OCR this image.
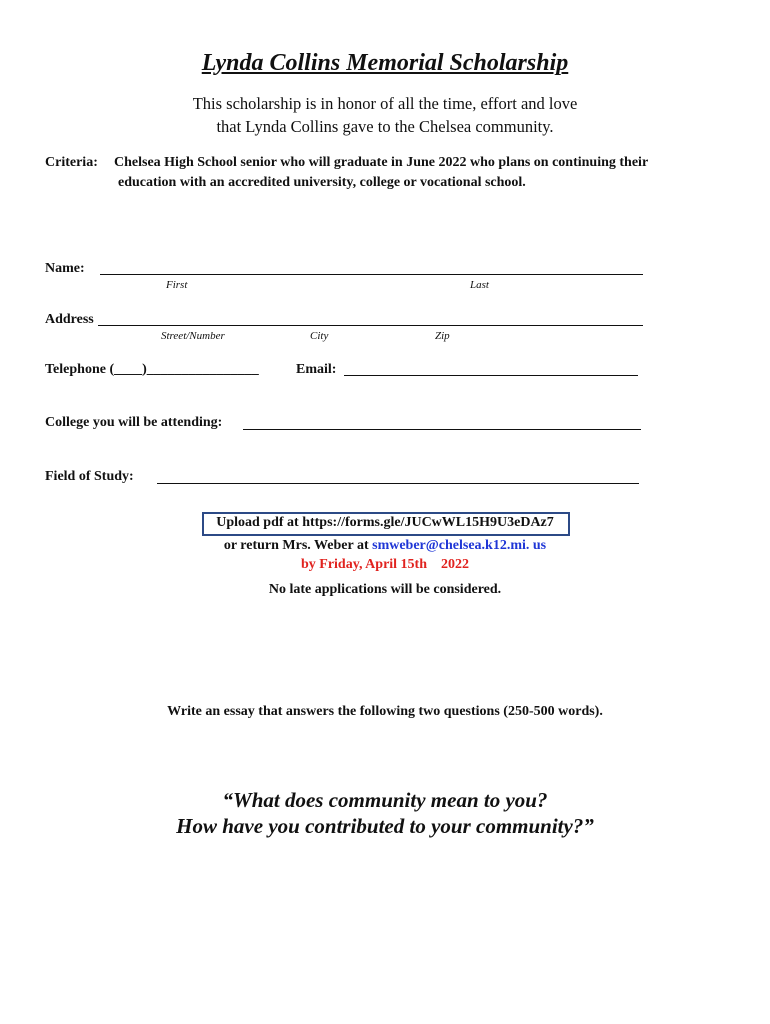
Lynda Collins Memorial Scholarship
This scholarship is in honor of all the time, effort and love
that Lynda Collins gave to the Chelsea community.
Criteria: Chelsea High School senior who will graduate in June 2022 who plans on continuing their
education with an accredited university, college or vocational school.
Name:
First	Last
Address
Street/Number	City	Zip
Telephone (____)________________	Email:
College you will be attending:
Field of Study:
Upload pdf at https://forms.gle/JUCwWL15H9U3eDAz7
or return Mrs. Weber at smweber@chelsea.k12.mi. us
by Friday, April 15th    2022
No late applications will be considered.
Write an essay that answers the following two questions (250-500 words).
“What does community mean to you?
How have you contributed to your community?”
